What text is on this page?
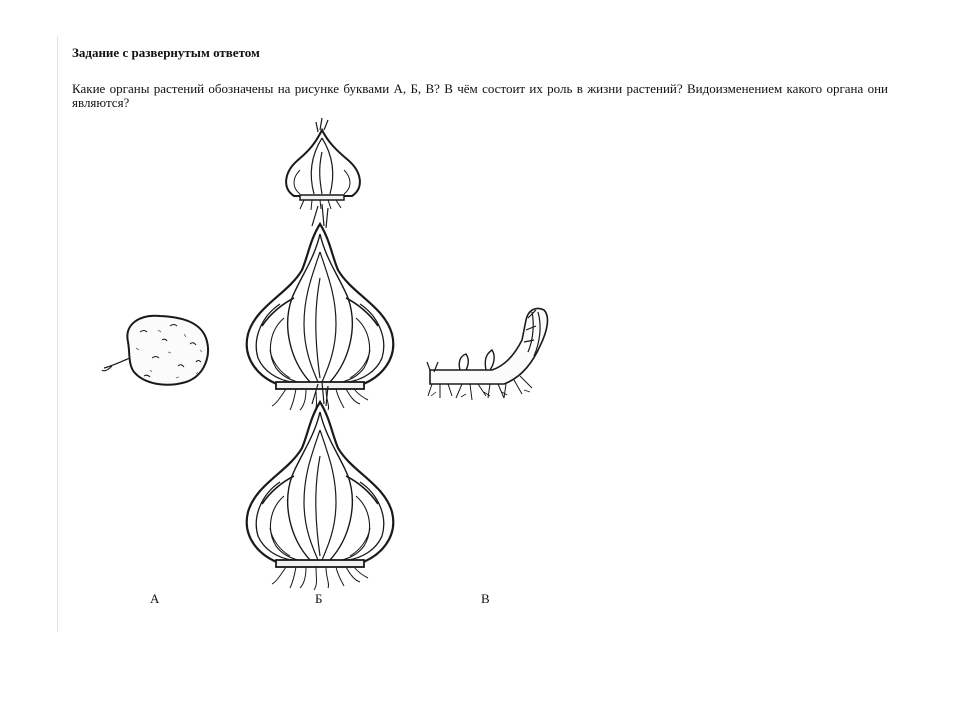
Задание с развернутым ответом

Какие органы растений обозначены на рисунке буквами А, Б, В? В чём состоит их роль в жизни растений? Видоизменением какого органа они являются?

А	Б	В
